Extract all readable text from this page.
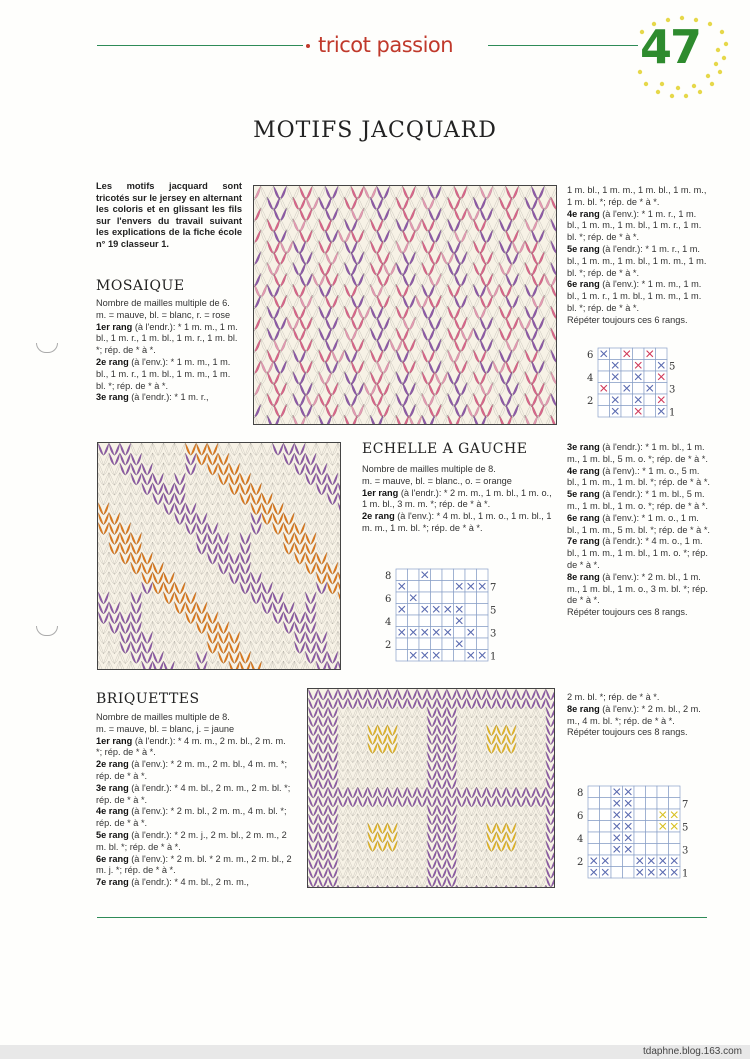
tricot passion	47
MOTIFS JACQUARD
Les motifs jacquard sont tricotés sur le jersey en alternant les coloris et en glissant les fils sur l'envers du travail suivant les explications de la fiche école n° 19 classeur 1.
MOSAIQUE

Nombre de mailles multiple de 6.

m. = mauve, bl. = blanc, r. = rose

1er rang (à l'endr.): * 1 m. m., 1 m. bl., 1 m. r., 1 m. bl., 1 m. r., 1 m. bl. *; rép. de * à *.

2e rang (à l'env.): * 1 m. m., 1 m. bl., 1 m. r., 1 m. bl., 1 m. m., 1 m. bl. *; rép. de * à *.

3e rang (à l'endr.): * 1 m. r.,

1 m. bl., 1 m. m., 1 m. bl., 1 m. m., 1 m. bl. *; rép. de * à *.

4e rang (à l'env.): * 1 m. r., 1 m. bl., 1 m. m., 1 m. bl., 1 m. r., 1 m. bl. *; rép. de * à *.

5e rang (à l'endr.): * 1 m. r., 1 m. bl., 1 m. m., 1 m. bl., 1 m. m., 1 m. bl. *; rép. de * à *.

6e rang (à l'env.): * 1 m. m., 1 m. bl., 1 m. r., 1 m. bl., 1 m. m., 1 m. bl. *; rép. de * à *.

Répéter toujours ces 6 rangs.

6
5
4
3
2
1
ECHELLE A GAUCHE

Nombre de mailles multiple de 8.

m. = mauve, bl. = blanc., o. = orange

1er rang (à l'endr.): * 2 m. m., 1 m. bl., 1 m. o., 1 m. bl., 3 m. m. *; rép. de * à *.

2e rang (à l'env.): * 4 m. bl., 1 m. o., 1 m. bl., 1 m. m., 1 m. bl. *; rép. de * à *.

3e rang (à l'endr.): * 1 m. bl., 1 m. m., 1 m. bl., 5 m. o. *; rép. de * à *.

4e rang (à l'env).: * 1 m. o., 5 m. bl., 1 m. m., 1 m. bl. *; rép. de * à *.

5e rang (à l'endr.): * 1 m. bl., 5 m. m., 1 m. bl., 1 m. o. *; rép. de * à *.

6e rang (à l'env.): * 1 m. o., 1 m. bl., 1 m. m., 5 m. bl. *; rép. de * à *.

7e rang (à l'endr.): * 4 m. o., 1 m. bl., 1 m. m., 1 m. bl., 1 m. o. *; rép. de * à *.

8e rang (à l'env.): * 2 m. bl., 1 m. m., 1 m. bl., 1 m. o., 3 m. bl. *; rép. de * à *.

Répéter toujours ces 8 rangs.

8
7
6
5
4
3
2
1
BRIQUETTES

Nombre de mailles multiple de 8.

m. = mauve, bl. = blanc, j. = jaune

1er rang (à l'endr.): * 4 m. m., 2 m. bl., 2 m. m. *; rép. de * à *.

2e rang (à l'env.): * 2 m. m., 2 m. bl., 4 m. m. *; rép. de * à *.

3e rang (à l'endr.): * 4 m. bl., 2 m. m., 2 m. bl. *; rép. de * à *.

4e rang (à l'env.): * 2 m. bl., 2 m. m., 4 m. bl. *; rép. de * à *.

5e rang (à l'endr.): * 2 m. j., 2 m. bl., 2 m. m., 2 m. bl. *; rép. de * à *.

6e rang (à l'env.): * 2 m. bl. * 2 m. m., 2 m. bl., 2 m. j. *; rép. de * à *.

7e rang (à l'endr.): * 4 m. bl., 2 m. m.,

2 m. bl. *; rép. de * à *.

8e rang (à l'env.): * 2 m. bl., 2 m. m., 4 m. bl. *; rép. de * à *.

Répéter toujours ces 8 rangs.

8
7
6
5
4
3
2
1
tdaphne.blog.163.com
